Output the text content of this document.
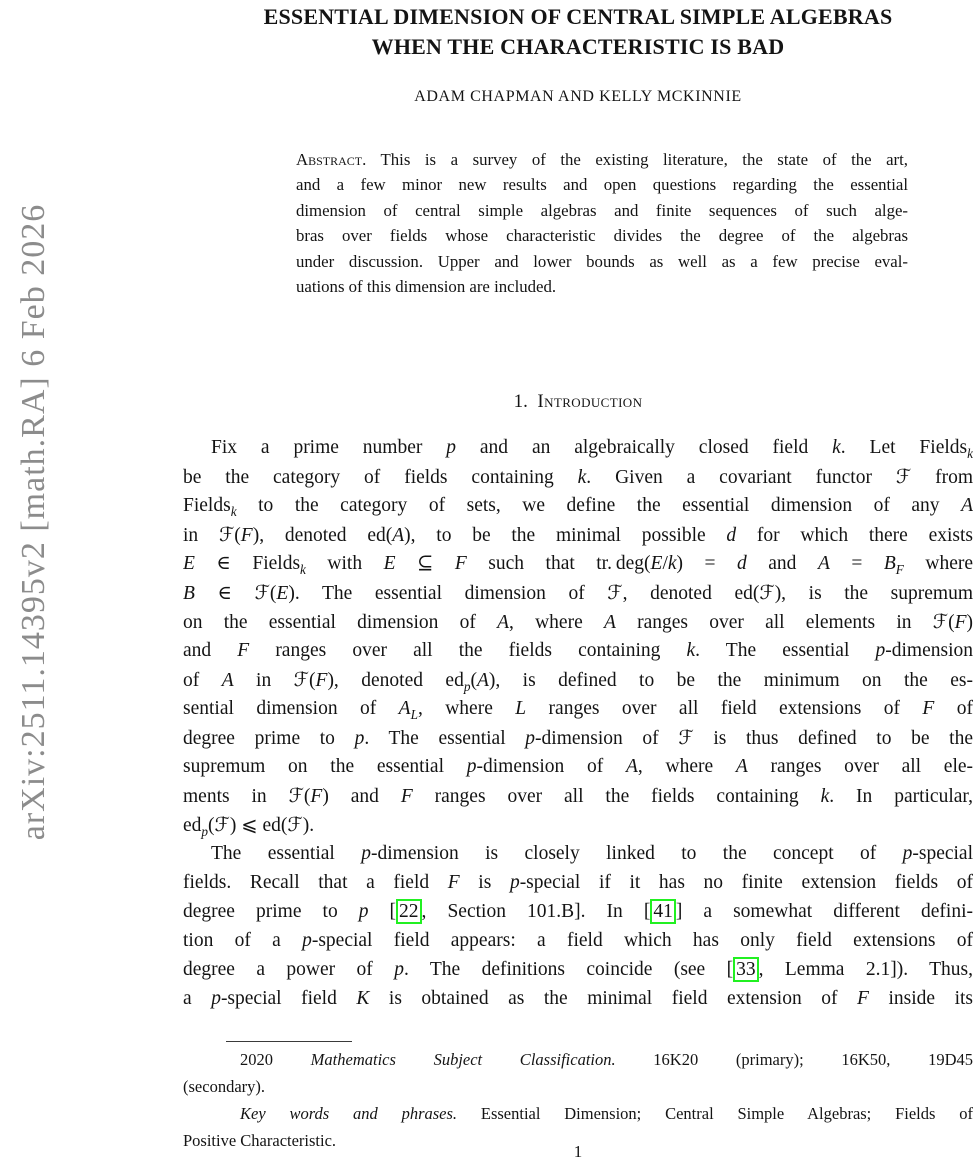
arXiv:2511.14395v2 [math.RA] 6 Feb 2026
ESSENTIAL DIMENSION OF CENTRAL SIMPLE ALGEBRAS
WHEN THE CHARACTERISTIC IS BAD
ADAM CHAPMAN AND KELLY MCKINNIE
Abstract. This is a survey of the existing literature, the state of the art,
and a few minor new results and open questions regarding the essential
dimension of central simple algebras and finite sequences of such alge-
bras over fields whose characteristic divides the degree of the algebras
under discussion. Upper and lower bounds as well as a few precise eval-
uations of this dimension are included.
1. Introduction
Fix a prime number p and an algebraically closed field k. Let Fields$_k$
be the category of fields containing k. Given a covariant functor ℱ from
Fields$_k$ to the category of sets, we define the essential dimension of any A
in ℱ(F), denoted ed(A), to be the minimal possible d for which there exists
E ∈ Fields$_k$ with E ⊆ F such that tr. deg(E/k) = d and $A = B_F$ where
B ∈ ℱ(E). The essential dimension of ℱ, denoted ed(ℱ), is the supremum
on the essential dimension of A, where A ranges over all elements in ℱ(F)
and F ranges over all the fields containing k. The essential p-dimension
of A in ℱ(F), denoted $ed_p(A)$, is defined to be the minimum on the es-
sential dimension of $A_L$, where L ranges over all field extensions of F of
degree prime to p. The essential p-dimension of ℱ is thus defined to be the
supremum on the essential p-dimension of A, where A ranges over all ele-
ments in ℱ(F) and F ranges over all the fields containing k. In particular,
$ed_p(ℱ)$ ⩽ ed(ℱ).
The essential p-dimension is closely linked to the concept of p-special
fields. Recall that a field F is p-special if it has no finite extension fields of
degree prime to p [ 22 , Section 101.B]. In [ 41 ] a somewhat different defini-
tion of a p-special field appears: a field which has only field extensions of
degree a power of p. The definitions coincide (see [ 33 , Lemma 2.1]). Thus,
a p-special field K is obtained as the minimal field extension of F inside its
2020 Mathematics Subject Classification. 16K20 (primary); 16K50, 19D45
(secondary).
Key words and phrases. Essential Dimension; Central Simple Algebras; Fields of
Positive Characteristic.
1
